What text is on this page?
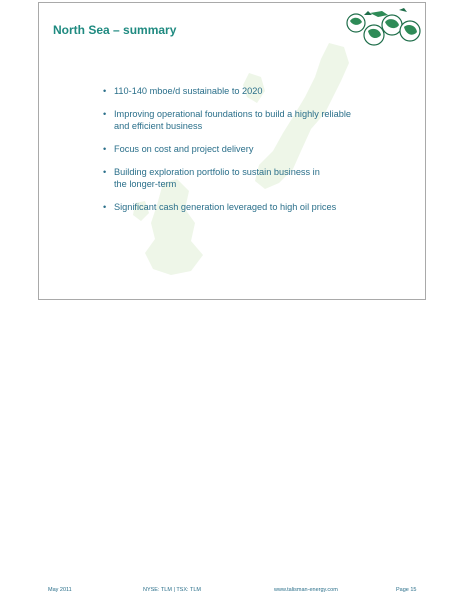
North Sea – summary
• 110-140 mboe/d sustainable to 2020
• Improving operational foundations to build a highly reliable
and efficient business
• Focus on cost and project delivery
• Building exploration portfolio to sustain business in
the longer-term
• Significant cash generation leveraged to high oil prices
May 2011	NYSE: TLM | TSX: TLM	www.talisman-energy.com	Page 15
